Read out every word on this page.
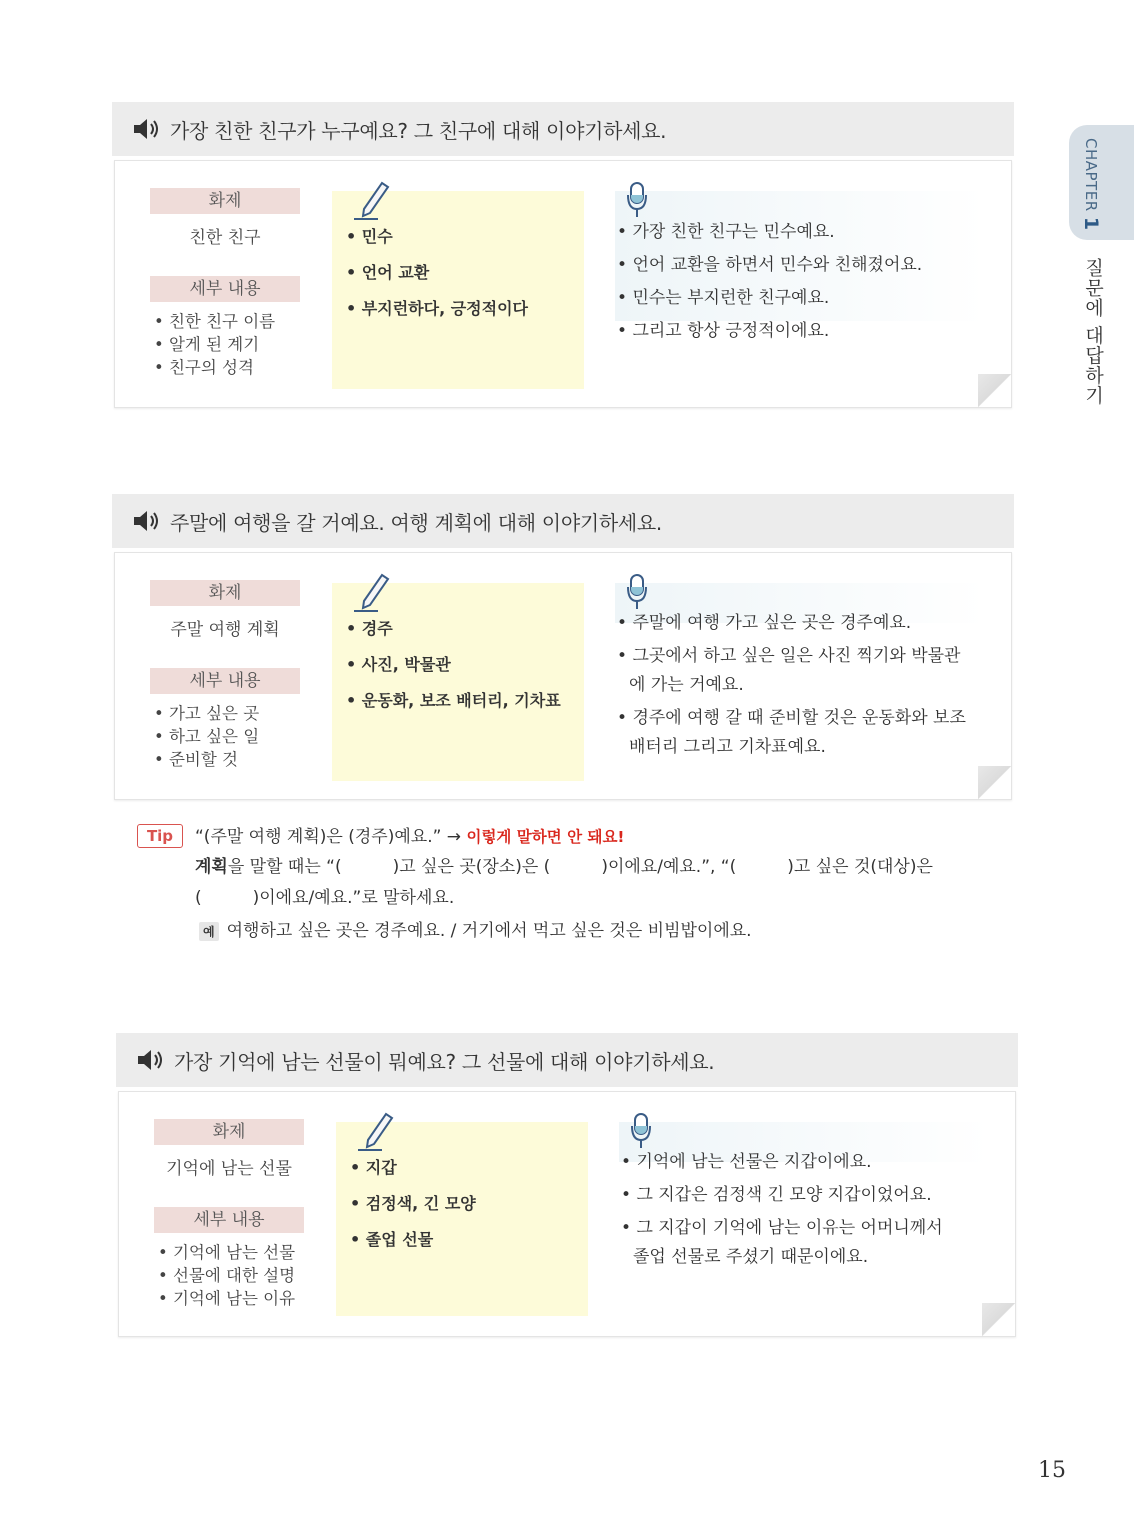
CHAPTER 1
질문에 대답하기
가장 친한 친구가 누구예요? 그 친구에 대해 이야기하세요.
화제
친한 친구
세부 내용
• 친한 친구 이름
• 알게 된 계기
• 친구의 성격
• 민수
• 언어 교환
• 부지런하다, 긍정적이다
• 가장 친한 친구는 민수예요.
• 언어 교환을 하면서 민수와 친해졌어요.
• 민수는 부지런한 친구예요.
• 그리고 항상 긍정적이에요.
주말에 여행을 갈 거예요. 여행 계획에 대해 이야기하세요.
화제
주말 여행 계획
세부 내용
• 가고 싶은 곳
• 하고 싶은 일
• 준비할 것
• 경주
• 사진, 박물관
• 운동화, 보조 배터리, 기차표
• 주말에 여행 가고 싶은 곳은 경주예요.
• 그곳에서 하고 싶은 일은 사진 찍기와 박물관에 가는 거예요.
• 경주에 여행 갈 때 준비할 것은 운동화와 보조 배터리 그리고 기차표예요.
Tip	“(주말 여행 계획)은 (경주)예요.” → 이렇게 말하면 안 돼요!
계획을 말할 때는 “(　　　)고 싶은 곳(장소)은 (　　　)이에요/예요.”, “(　　　)고 싶은 것(대상)은 (　　　)이에요/예요.”로 말하세요.
예 여행하고 싶은 곳은 경주예요. / 거기에서 먹고 싶은 것은 비빔밥이에요.
가장 기억에 남는 선물이 뭐예요? 그 선물에 대해 이야기하세요.
화제
기억에 남는 선물
세부 내용
• 기억에 남는 선물
• 선물에 대한 설명
• 기억에 남는 이유
• 지갑
• 검정색, 긴 모양
• 졸업 선물
• 기억에 남는 선물은 지갑이에요.
• 그 지갑은 검정색 긴 모양 지갑이었어요.
• 그 지갑이 기억에 남는 이유는 어머니께서 졸업 선물로 주셨기 때문이에요.
15
